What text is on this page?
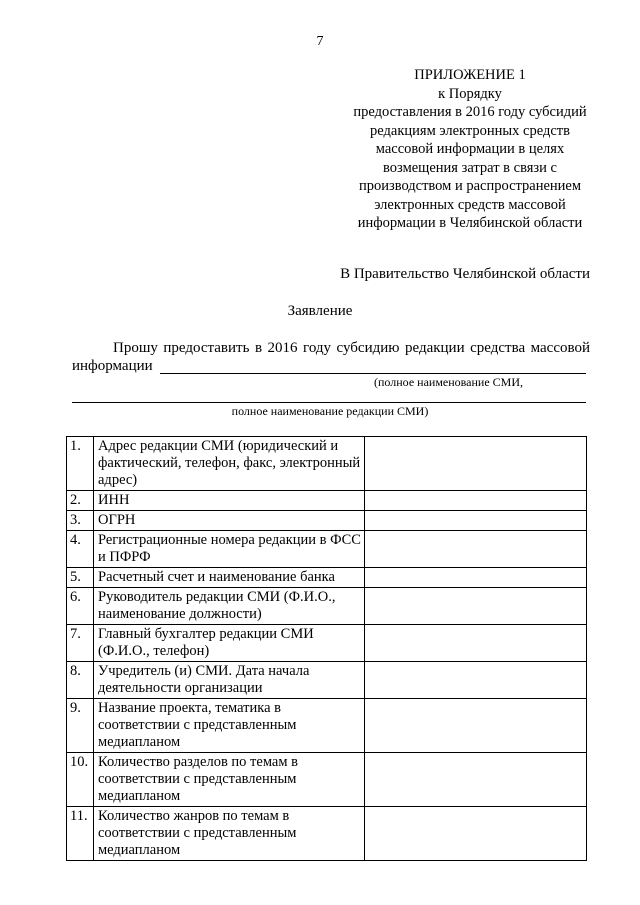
7
ПРИЛОЖЕНИЕ 1
к Порядку
предоставления в 2016 году субсидий
редакциям электронных средств
массовой информации в целях
возмещения затрат в связи с
производством и распространением
электронных средств массовой
информации в Челябинской области
В Правительство Челябинской области
Заявление
Прошу предоставить в 2016 году субсидию редакции средства массовой
информации
(полное наименование СМИ,
полное наименование редакции СМИ)
1.	Адрес редакции СМИ (юридический и фактический, телефон, факс, электронный адрес)	
2.	ИНН	
3.	ОГРН	
4.	Регистрационные номера редакции в ФСС и ПФРФ	
5.	Расчетный счет и наименование банка	
6.	Руководитель редакции СМИ (Ф.И.О., наименование должности)	
7.	Главный бухгалтер редакции СМИ (Ф.И.О., телефон)	
8.	Учредитель (и) СМИ. Дата начала деятельности организации	
9.	Название проекта, тематика в соответствии с представленным медиапланом	
10.	Количество разделов по темам в соответствии с представленным медиапланом	
11.	Количество жанров по темам в соответствии с представленным медиапланом	
